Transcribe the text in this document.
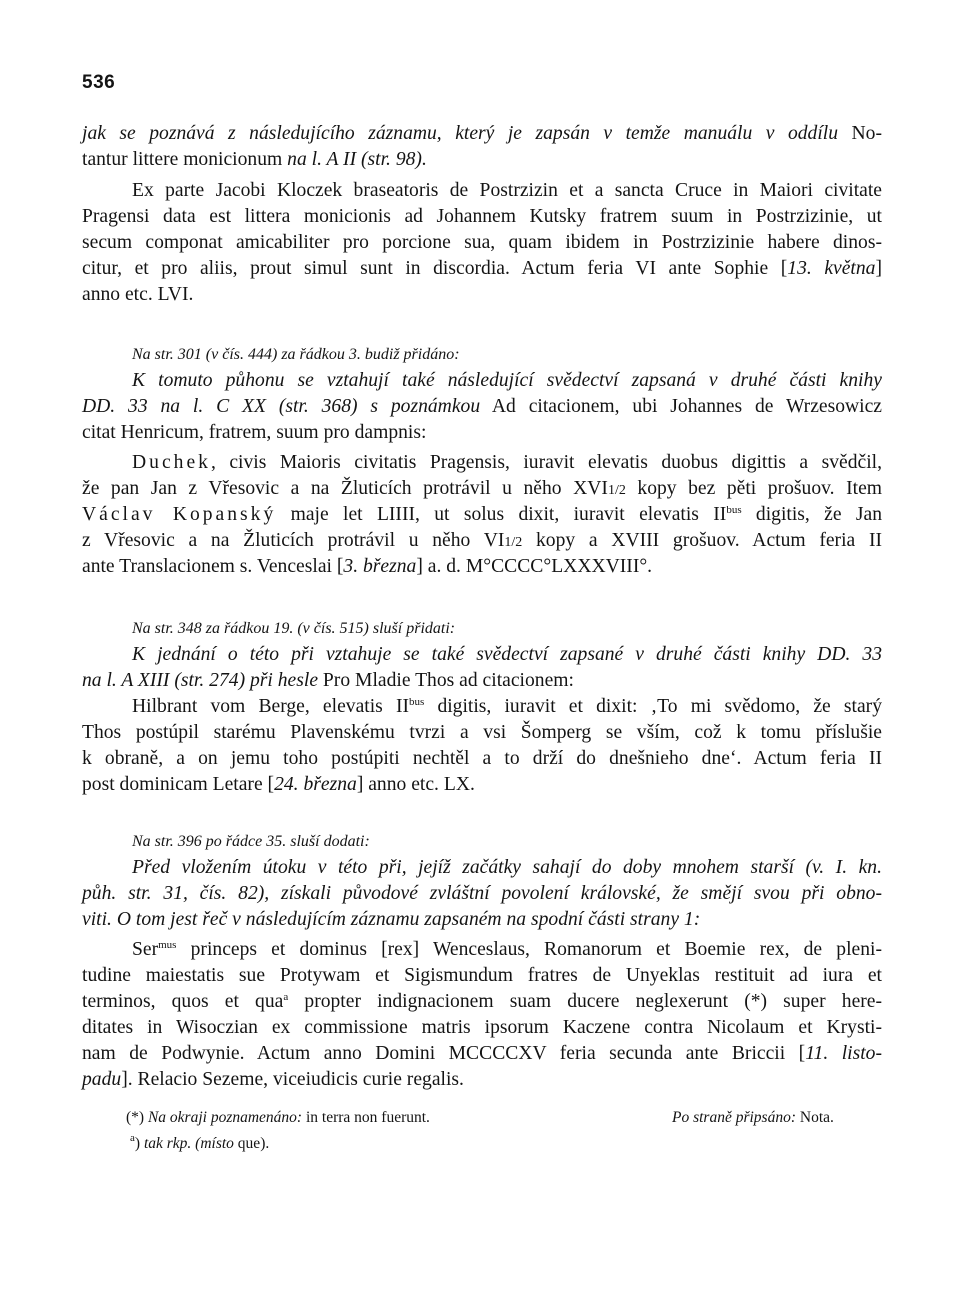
536
jak se poznává z následujícího záznamu, který je zapsán v temže manuálu v oddílu No-
tantur littere monicionum na l. A II (str. 98).
Ex parte Jacobi Kloczek braseatoris de Postrzizin et a sancta Cruce in Maiori civitate
Pragensi data est littera monicionis ad Johannem Kutsky fratrem suum in Postrzizinie, ut
secum componat amicabiliter pro porcione sua, quam ibidem in Postrzizinie habere dinos-
citur, et pro aliis, prout simul sunt in discordia. Actum feria VI ante Sophie [13. května]
anno etc. LVI.
Na str. 301 (v čís. 444) za řádkou 3. budiž přidáno:
K tomuto půhonu se vztahují také následující svědectví zapsaná v druhé části knihy
DD. 33 na l. C XX (str. 368) s poznámkou Ad citacionem, ubi Johannes de Wrzesowicz
citat Henricum, fratrem, suum pro dampnis:
Duchek, civis Maioris civitatis Pragensis, iuravit elevatis duobus digittis a svědčil,
že pan Jan z Vřesovic a na Žluticích protrávil u něho XVI1/2 kopy bez pěti prošuov. Item
Václav Kopanský maje let LIIII, ut solus dixit, iuravit elevatis $II^{bus}$ digitis, že Jan
z Vřesovic a na Žluticích protrávil u něho VI1/2 kopy a XVIII grošuov. Actum feria II
ante Translacionem s. Venceslai [3. března] a. d. M°CCCC°LXXXVIII°.
Na str. 348 za řádkou 19. (v čís. 515) sluší přidati:
K jednání o této při vztahuje se také svědectví zapsané v druhé části knihy DD. 33
na l. A XIII (str. 274) při hesle Pro Mladie Thos ad citacionem:
Hilbrant vom Berge, elevatis $II^{bus}$ digitis, iuravit et dixit: ‚To mi svědomo, že starý
Thos postúpil starému Plavenskému tvrzi a vsi Šomperg se vším, což k tomu příslušie
k obraně, a on jemu toho postúpiti nechtěl a to drží do dnešnieho dne‘. Actum feria II
post dominicam Letare [24. března] anno etc. LX.
Na str. 396 po řádce 35. sluší dodati:
Před vložením útoku v této při, jejíž začátky sahají do doby mnohem starší (v. I. kn.
půh. str. 31, čís. 82), získali původové zvláštní povolení královské, že smějí svou při obno-
viti. O tom jest řeč v následujícím záznamu zapsaném na spodní části strany 1:
Ser$^{mus}$ princeps et dominus [rex] Wenceslaus, Romanorum et Boemie rex, de pleni-
tudine maiestatis sue Protywam et Sigismundum fratres de Unyeklas restituit ad iura et
terminos, quos et qua$^a$ propter indignacionem suam ducere neglexerunt (*) super here-
ditates in Wisoczian ex commissione matris ipsorum Kaczene contra Nicolaum et Krysti-
nam de Podwynie. Actum anno Domini MCCCCXV feria secunda ante Briccii [11. listo-
padu]. Relacio Sezeme, viceiudicis curie regalis.
(*) Na okraji poznamenáno: in terra non fuerunt.	Po straně připsáno: Nota.
$^a$) tak rkp. (místo que).
